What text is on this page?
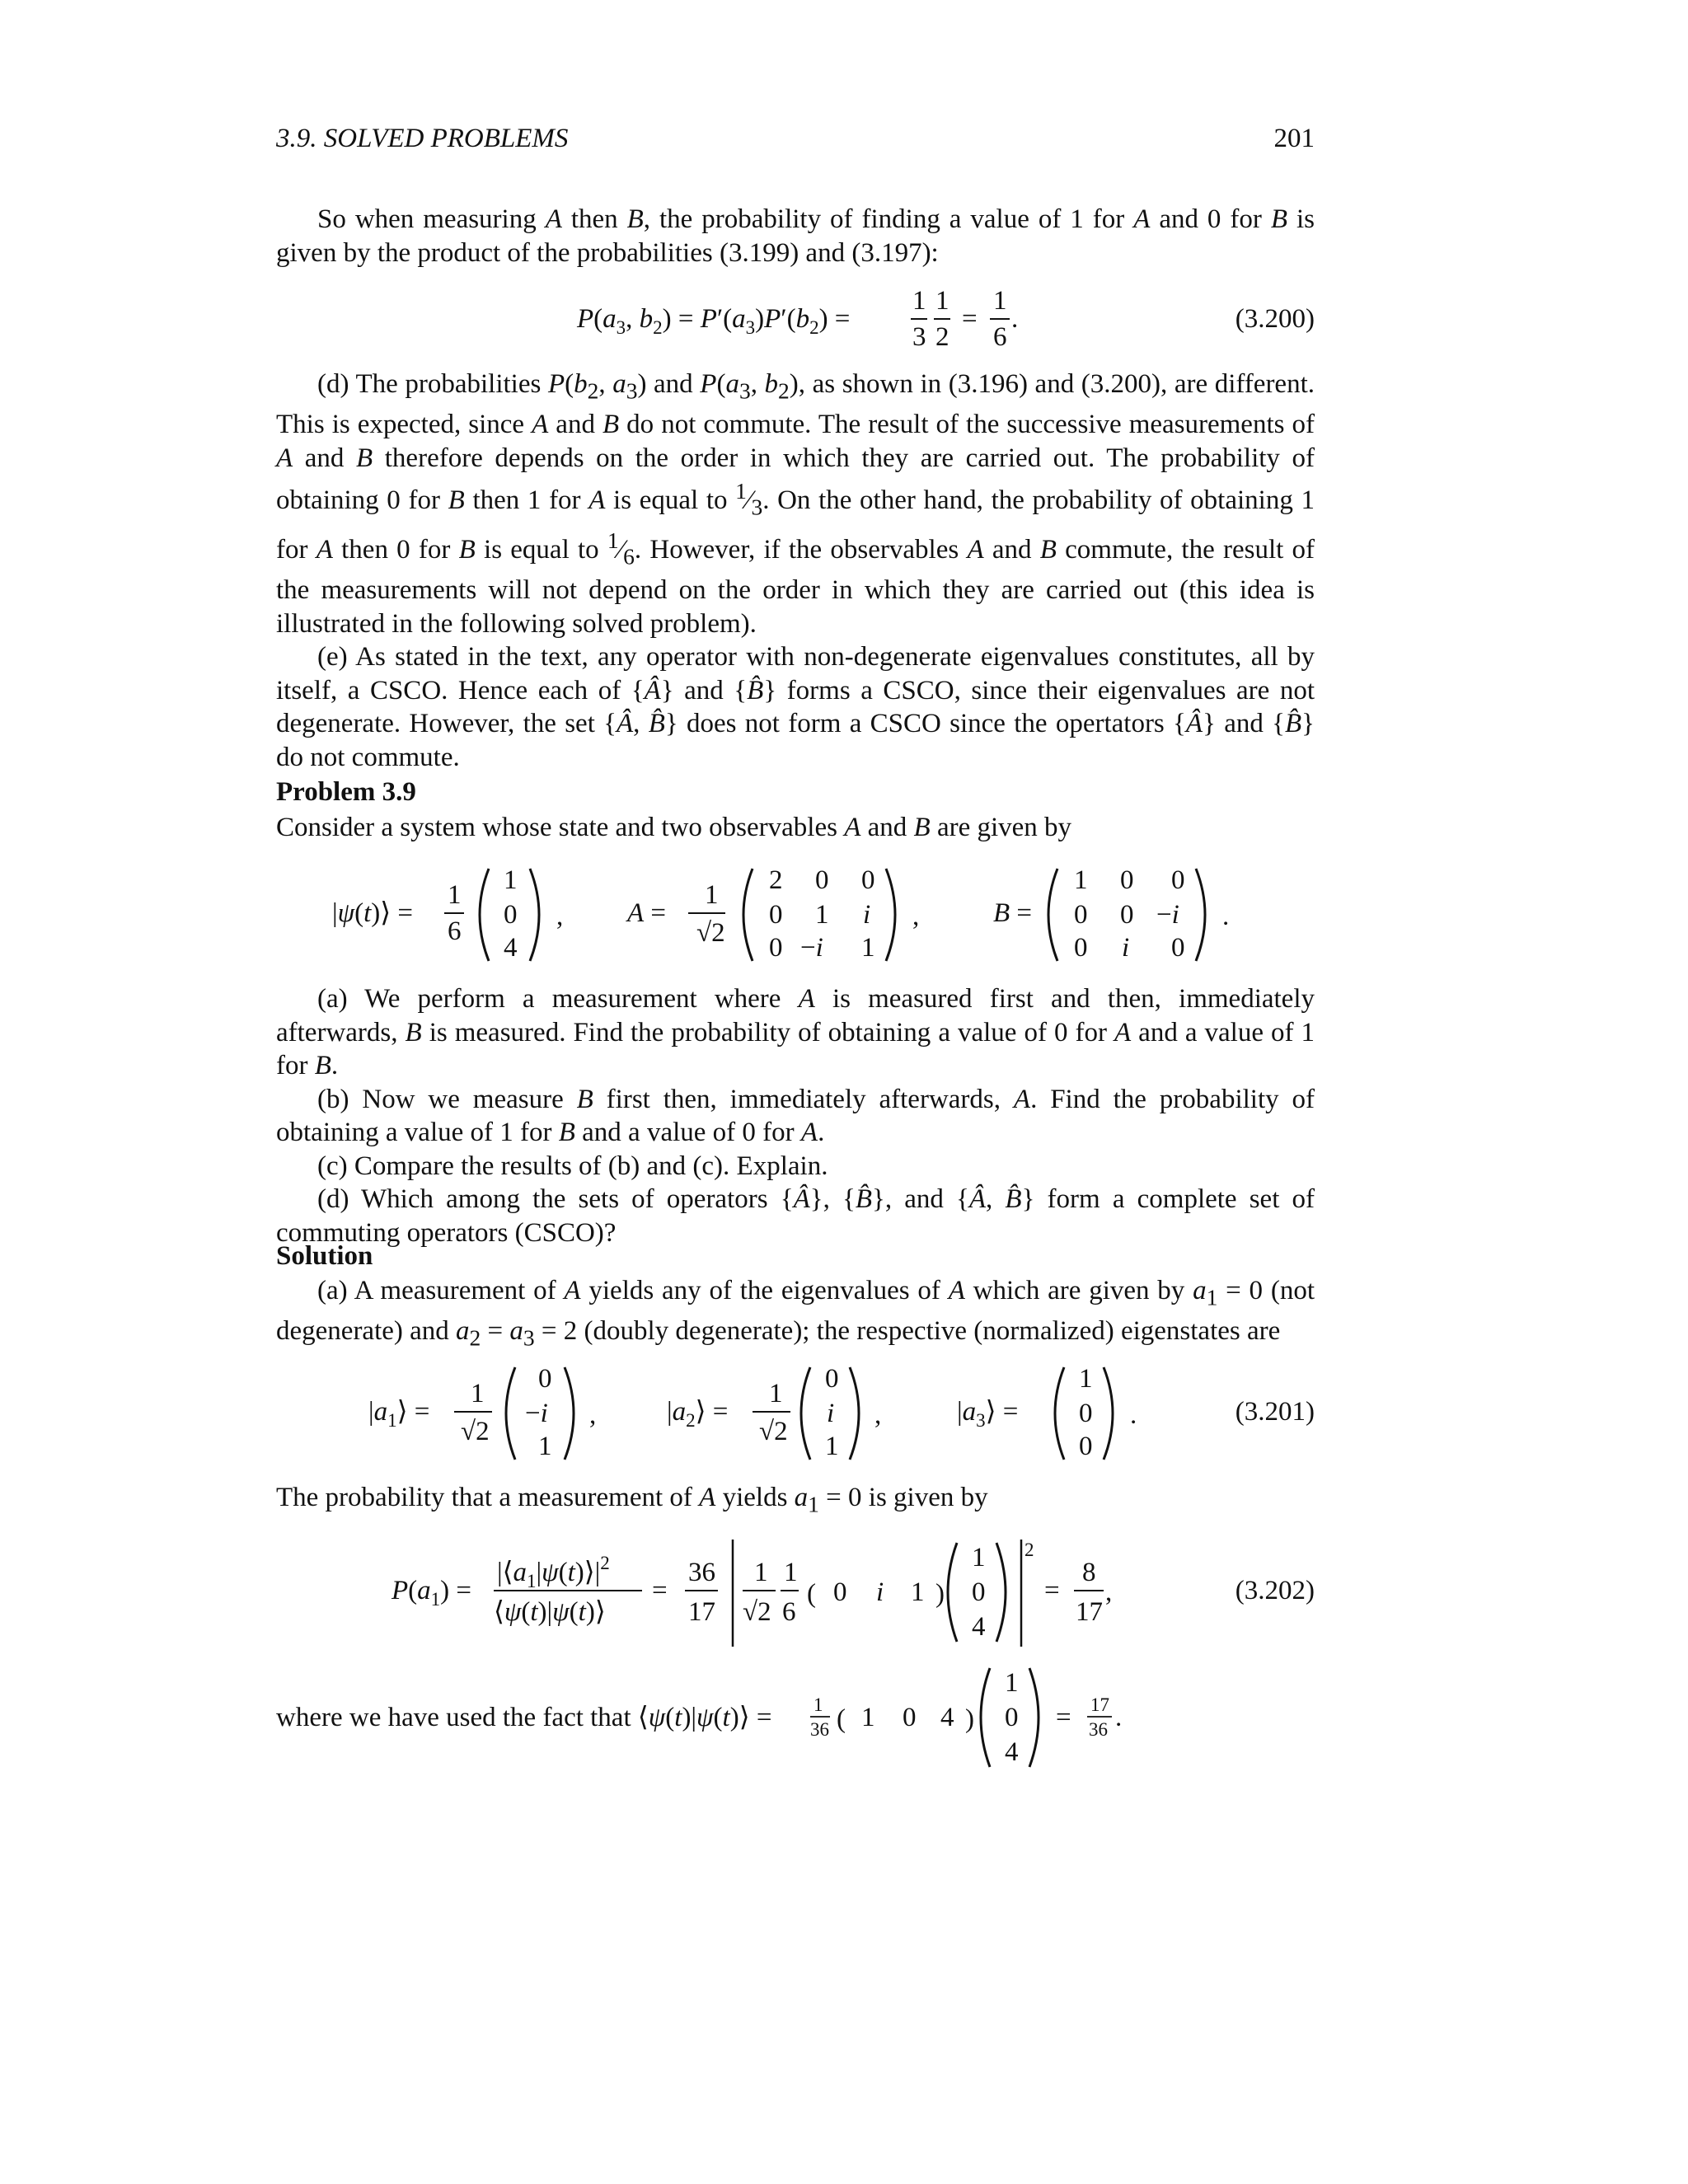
3.9. SOLVED PROBLEMS	201

So when measuring A then B, the probability of finding a value of 1 for A and 0 for B is given by the product of the probabilities (3.199) and (3.197):

$P(a_3$, $b_2) = P'(a_3)P'(b_2)$ =
1
3
1
2
=
1
6
.	(3.200)

(d) The probabilities $P(b_2$, $a_3$) and $P(a_3$, $b_2$), as shown in (3.196) and (3.200), are different. This is expected, since A and B do not commute. The result of the successive measurements of A and B therefore depends on the order in which they are carried out. The probability of obtaining 0 for B then 1 for A is equal to $^1⁄_3$. On the other hand, the probability of obtaining 1 for A then 0 for B is equal to $^1⁄_6$. However, if the observables A and B commute, the result of the measurements will not depend on the order in which they are carried out (this idea is illustrated in the following solved problem).

(e) As stated in the text, any operator with non-degenerate eigenvalues constitutes, all by itself, a CSCO. Hence each of {Â} and {B̂} forms a CSCO, since their eigenvalues are not degenerate. However, the set {Â, B̂} does not form a CSCO since the opertators {Â} and {B̂} do not commute.

Problem 3.9

Consider a system whose state and two observables A and B are given by

|ψ(t)⟩ =
1
6
1
0
4
, A =
1
√2
2 0 0
0 1 i
0 −i 1
,	B =
1 0 0
0 0 −i
0 i 0
.

(a) We perform a measurement where A is measured first and then, immediately afterwards, B is measured. Find the probability of obtaining a value of 0 for A and a value of 1 for B.

(b) Now we measure B first then, immediately afterwards, A. Find the probability of obtaining a value of 1 for B and a value of 0 for A.

(c) Compare the results of (b) and (c). Explain.

(d) Which among the sets of operators {Â}, {B̂}, and {Â, B̂} form a complete set of commuting operators (CSCO)?

Solution

(a) A measurement of A yields any of the eigenvalues of A which are given by $a_1 = 0$ (not degenerate) and $a_2 = a_3 = 2$ (doubly degenerate); the respective (normalized) eigenstates are

$|a_1⟩$ =
1
√2
0
−i
1
,	$|a_2⟩$ =
1
√2
0
i
1
,	$|a_3⟩$ =
1
0
0
.	(3.201)

The probability that a measurement of A yields $a_1 = 0$ is given by

$P(a_1)$ =
$|⟨a_1|\psi(t)⟩|^2$
⟨ψ(t)|ψ(t)⟩
=
36
17
1
√2
1
6
( 0 i 1 )
1
0
4
2
=
8
17
,	(3.202)
where we have used the fact that ⟨ψ(t)|ψ(t)⟩ = 1
36 ( 1 0 4 )
1
0
4
= 17
36 .
